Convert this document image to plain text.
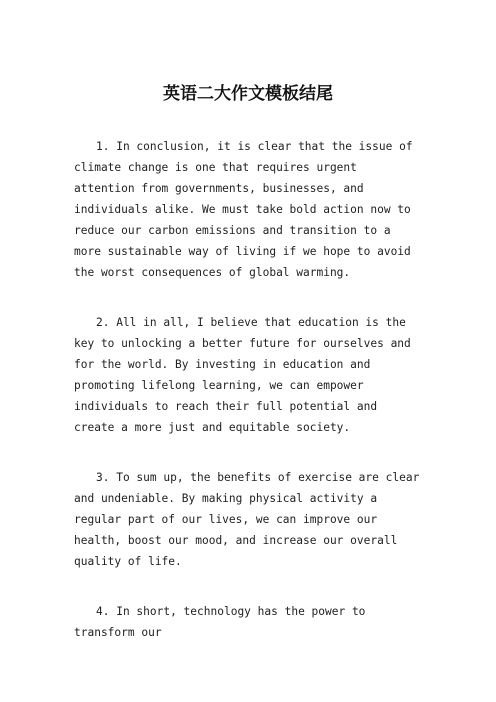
英语二大作文模板结尾

1. In conclusion, it is clear that the issue of climate change is one that requires urgent attention from governments, businesses, and individuals alike. We must take bold action now to reduce our carbon emissions and transition to a more sustainable way of living if we hope to avoid the worst consequences of global warming.

2. All in all, I believe that education is the key to unlocking a better future for ourselves and for the world. By investing in education and promoting lifelong learning, we can empower individuals to reach their full potential and create a more just and equitable society.

3. To sum up, the benefits of exercise are clear and undeniable. By making physical activity a regular part of our lives, we can improve our health, boost our mood, and increase our overall quality of life.

4. In short, technology has the power to transform our
